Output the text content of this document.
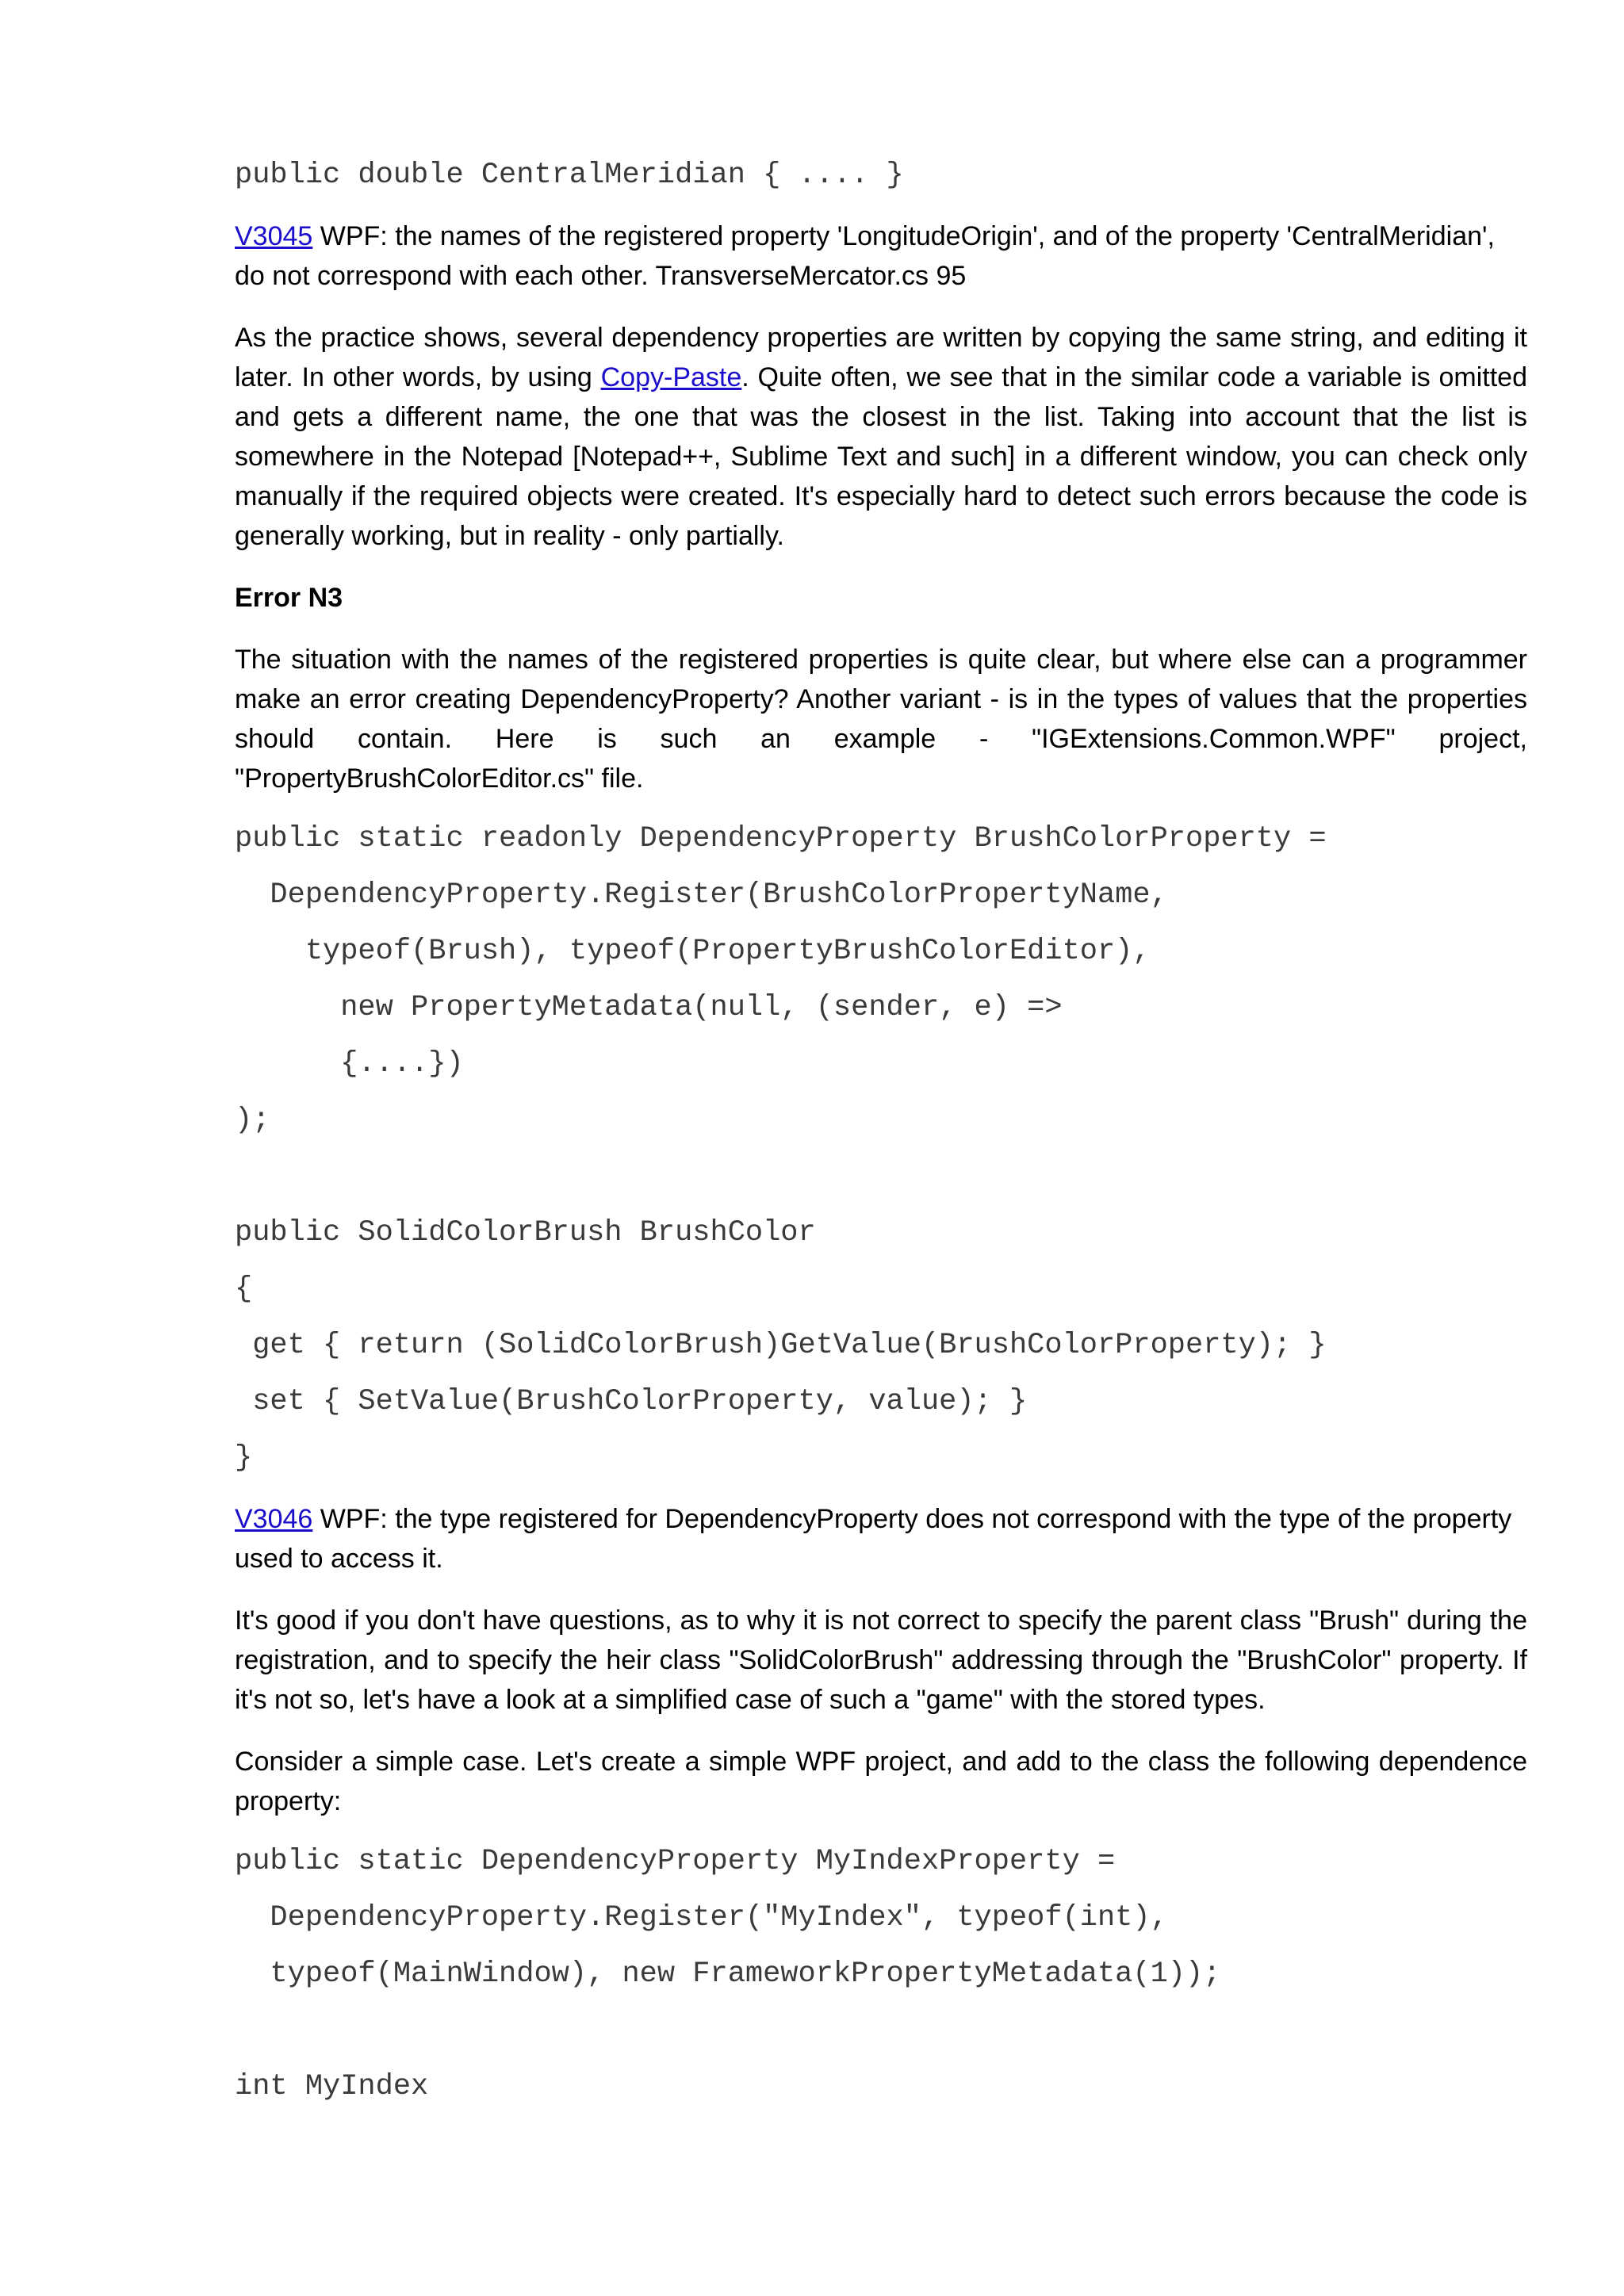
public double CentralMeridian { .... }

V3045 WPF: the names of the registered property 'LongitudeOrigin', and of the property 'CentralMeridian', do not correspond with each other. TransverseMercator.cs 95

As the practice shows, several dependency properties are written by copying the same string, and editing it later. In other words, by using Copy-Paste. Quite often, we see that in the similar code a variable is omitted and gets a different name, the one that was the closest in the list. Taking into account that the list is somewhere in the Notepad [Notepad++, Sublime Text and such] in a different window, you can check only manually if the required objects were created. It's especially hard to detect such errors because the code is generally working, but in reality - only partially.

Error N3

The situation with the names of the registered properties is quite clear, but where else can a programmer make an error creating DependencyProperty? Another variant - is in the types of values that the properties should contain. Here is such an example - "IGExtensions.Common.WPF" project, "PropertyBrushColorEditor.cs" file.

public static readonly DependencyProperty BrushColorProperty =
DependencyProperty.Register(BrushColorPropertyName,
typeof(Brush), typeof(PropertyBrushColorEditor),
new PropertyMetadata(null, (sender, e) =>
{....})
);
public SolidColorBrush BrushColor
{
get { return (SolidColorBrush)GetValue(BrushColorProperty); }
set { SetValue(BrushColorProperty, value); }
}

V3046 WPF: the type registered for DependencyProperty does not correspond with the type of the property used to access it.

It's good if you don't have questions, as to why it is not correct to specify the parent class "Brush" during the registration, and to specify the heir class "SolidColorBrush" addressing through the "BrushColor" property. If it's not so, let's have a look at a simplified case of such a "game" with the stored types.

Consider a simple case. Let's create a simple WPF project, and add to the class the following dependence property:

public static DependencyProperty MyIndexProperty =
DependencyProperty.Register("MyIndex", typeof(int),
typeof(MainWindow), new FrameworkPropertyMetadata(1));
int MyIndex
